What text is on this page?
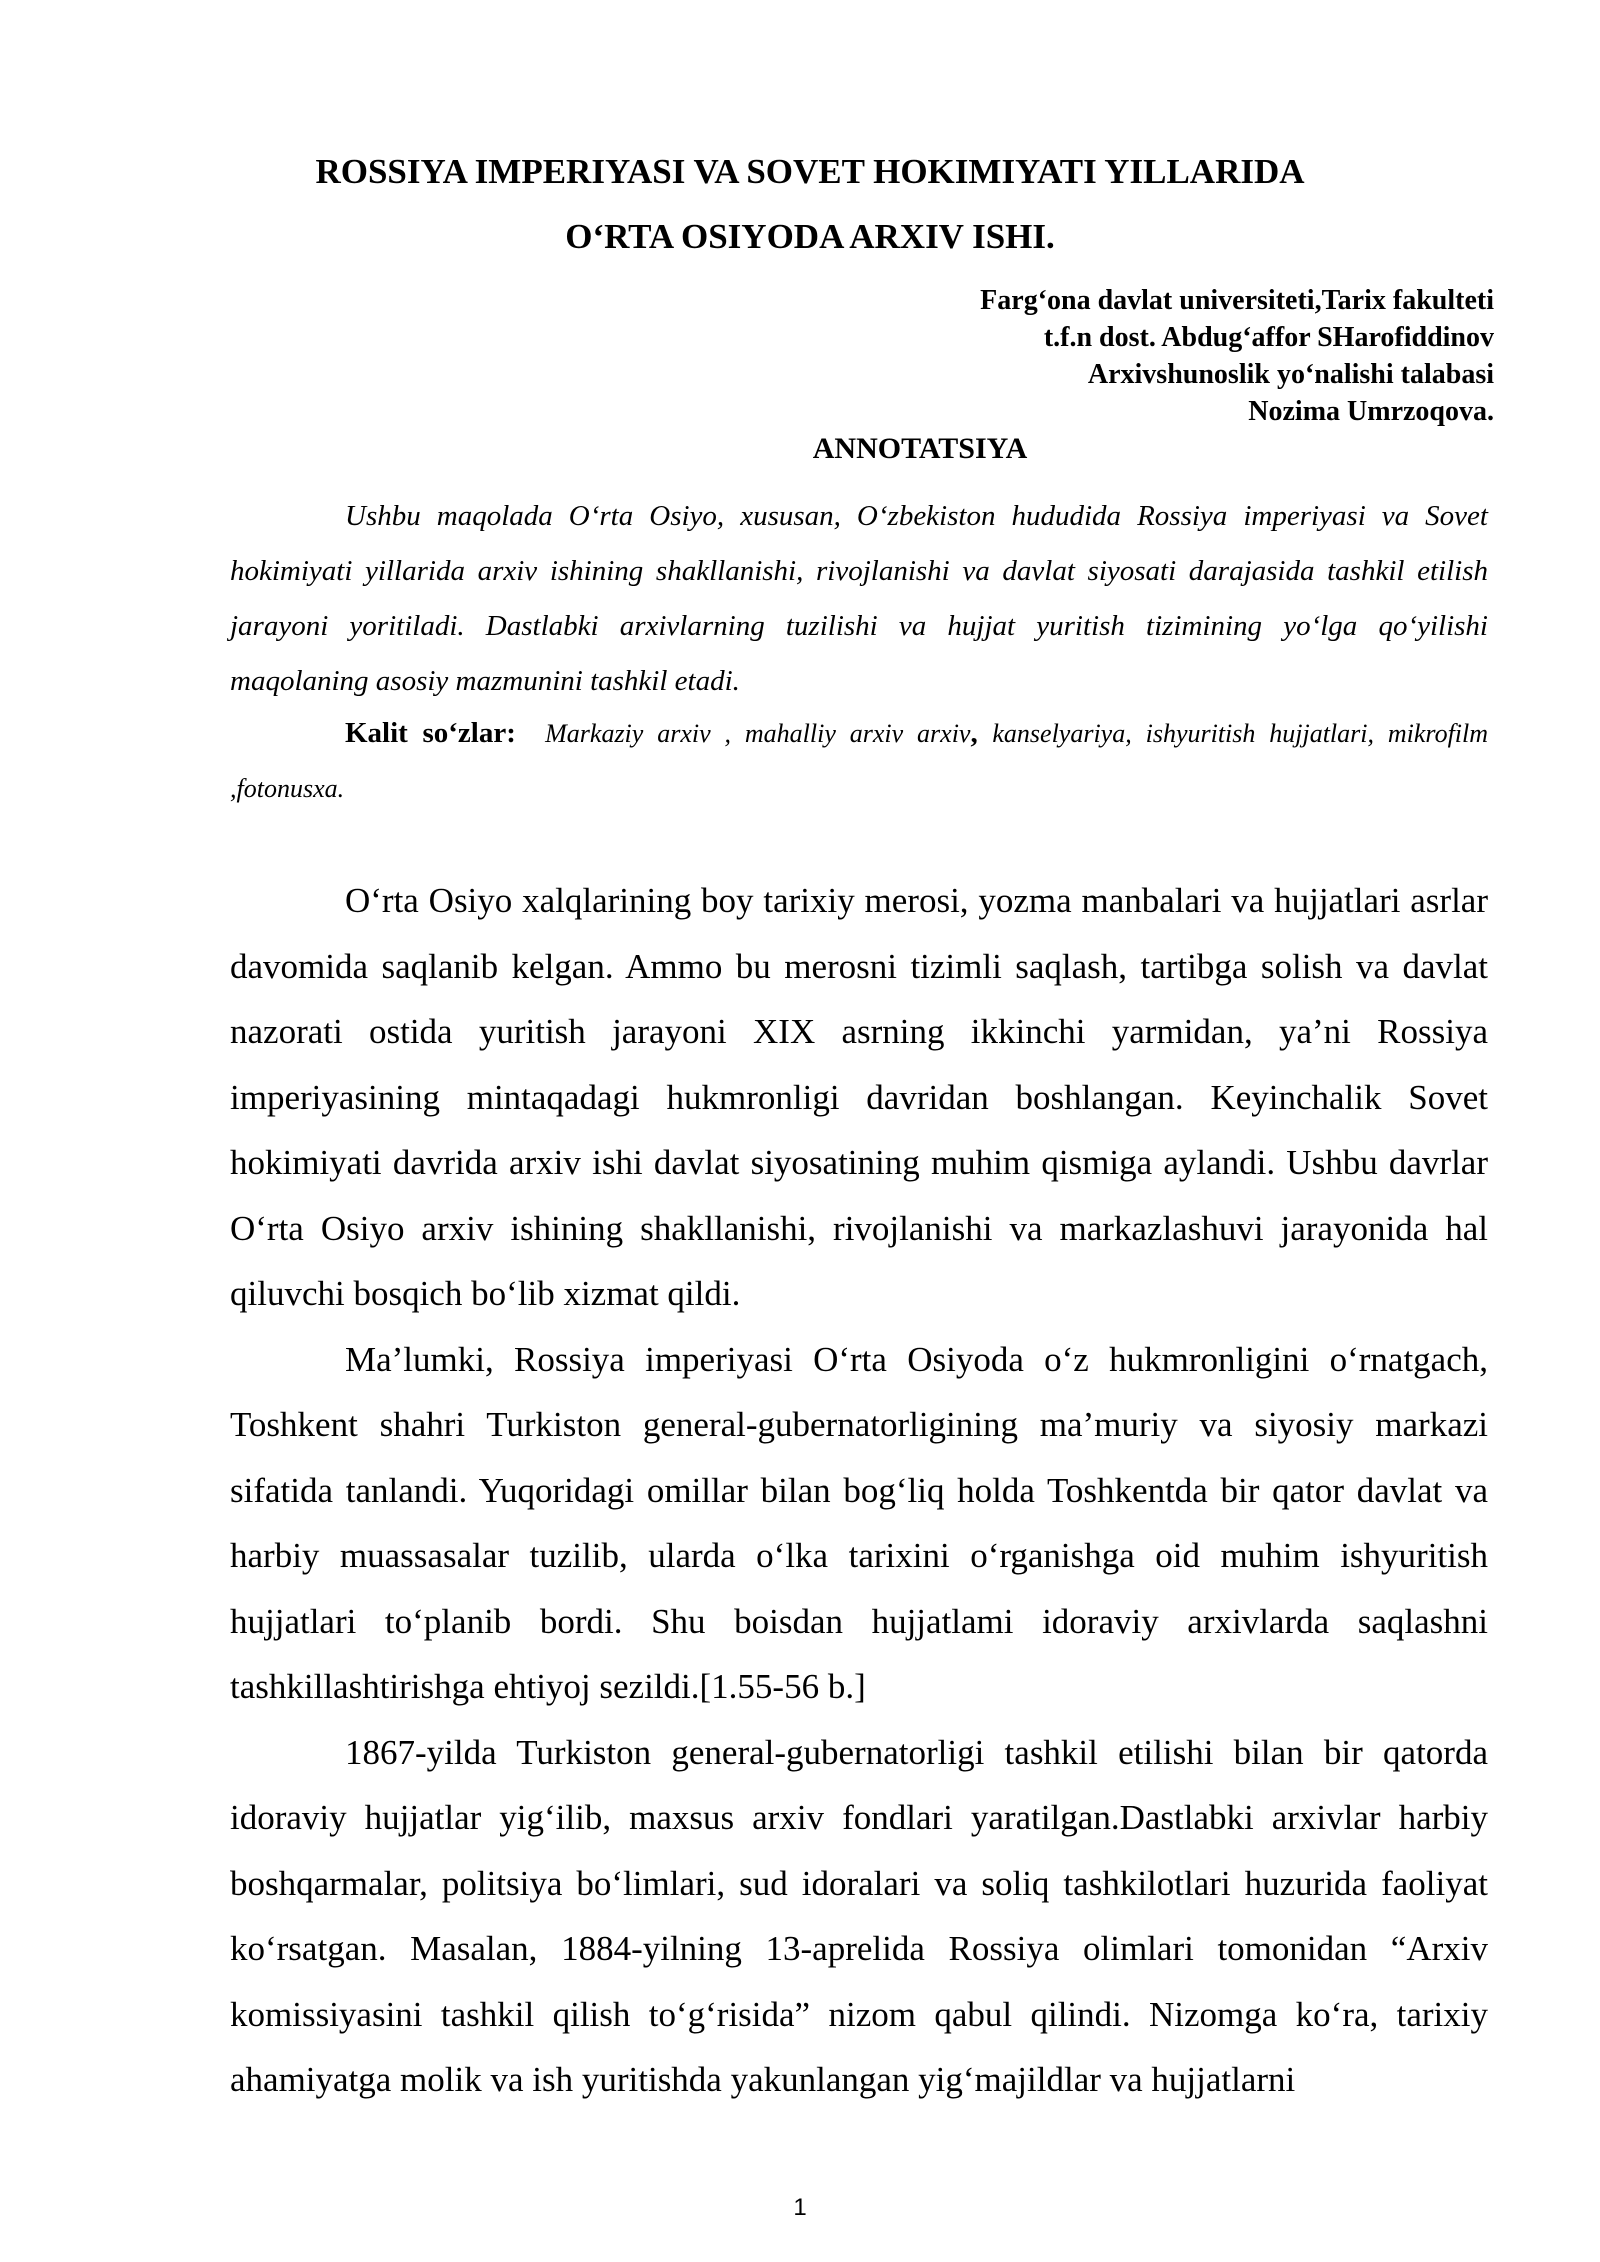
ROSSIYA IMPERIYASI VA SOVET HOKIMIYATI YILLARIDA
O‘RTA OSIYODA ARXIV ISHI.
Farg‘ona davlat universiteti,Tarix fakulteti
t.f.n dost. Abdug‘affor SHarofiddinov
Arxivshunoslik yo‘nalishi talabasi
Nozima Umrzoqova.
ANNOTATSIYA

Ushbu maqolada O‘rta Osiyo, xususan, O‘zbekiston hududida Rossiya imperiyasi va Sovet hokimiyati yillarida arxiv ishining shakllanishi, rivojlanishi va davlat siyosati darajasida tashkil etilish jarayoni yoritiladi. Dastlabki arxivlarning tuzilishi va hujjat yuritish tizimining yo‘lga qo‘yilishi maqolaning asosiy mazmunini tashkil etadi.

Kalit so‘zlar: Markaziy arxiv , mahalliy arxiv arxiv, kanselyariya, ishyuritish hujjatlari, mikrofilm ,fotonusxa.

O‘rta Osiyo xalqlarining boy tarixiy merosi, yozma manbalari va hujjatlari asrlar davomida saqlanib kelgan. Ammo bu merosni tizimli saqlash, tartibga solish va davlat nazorati ostida yuritish jarayoni XIX asrning ikkinchi yarmidan, ya’ni Rossiya imperiyasining mintaqadagi hukmronligi davridan boshlangan. Keyinchalik Sovet hokimiyati davrida arxiv ishi davlat siyosatining muhim qismiga aylandi. Ushbu davrlar O‘rta Osiyo arxiv ishining shakllanishi, rivojlanishi va markazlashuvi jarayonida hal qiluvchi bosqich bo‘lib xizmat qildi.

Ma’lumki, Rossiya imperiyasi O‘rta Osiyoda o‘z hukmronligini o‘rnatgach, Toshkent shahri Turkiston general-gubernatorligining ma’muriy va siyosiy markazi sifatida tanlandi. Yuqoridagi omillar bilan bog‘liq holda Toshkentda bir qator davlat va harbiy muassasalar tuzilib, ularda o‘lka tarixini o‘rganishga oid muhim ishyuritish hujjatlari to‘planib bordi. Shu boisdan hujjatlami idoraviy arxivlarda saqlashni tashkillashtirishga ehtiyoj sezildi.[1.55-56 b.]

1867-yilda Turkiston general-gubernatorligi tashkil etilishi bilan bir qatorda idoraviy hujjatlar yig‘ilib, maxsus arxiv fondlari yaratilgan.Dastlabki arxivlar harbiy boshqarmalar, politsiya bo‘limlari, sud idoralari va soliq tashkilotlari huzurida faoliyat ko‘rsatgan. Masalan, 1884-yilning 13-aprelida Rossiya olimlari tomonidan “Arxiv komissiyasini tashkil qilish to‘g‘risida” nizom qabul qilindi. Nizomga ko‘ra, tarixiy ahamiyatga molik va ish yuritishda yakunlangan yig‘majildlar va hujjatlarni

1
